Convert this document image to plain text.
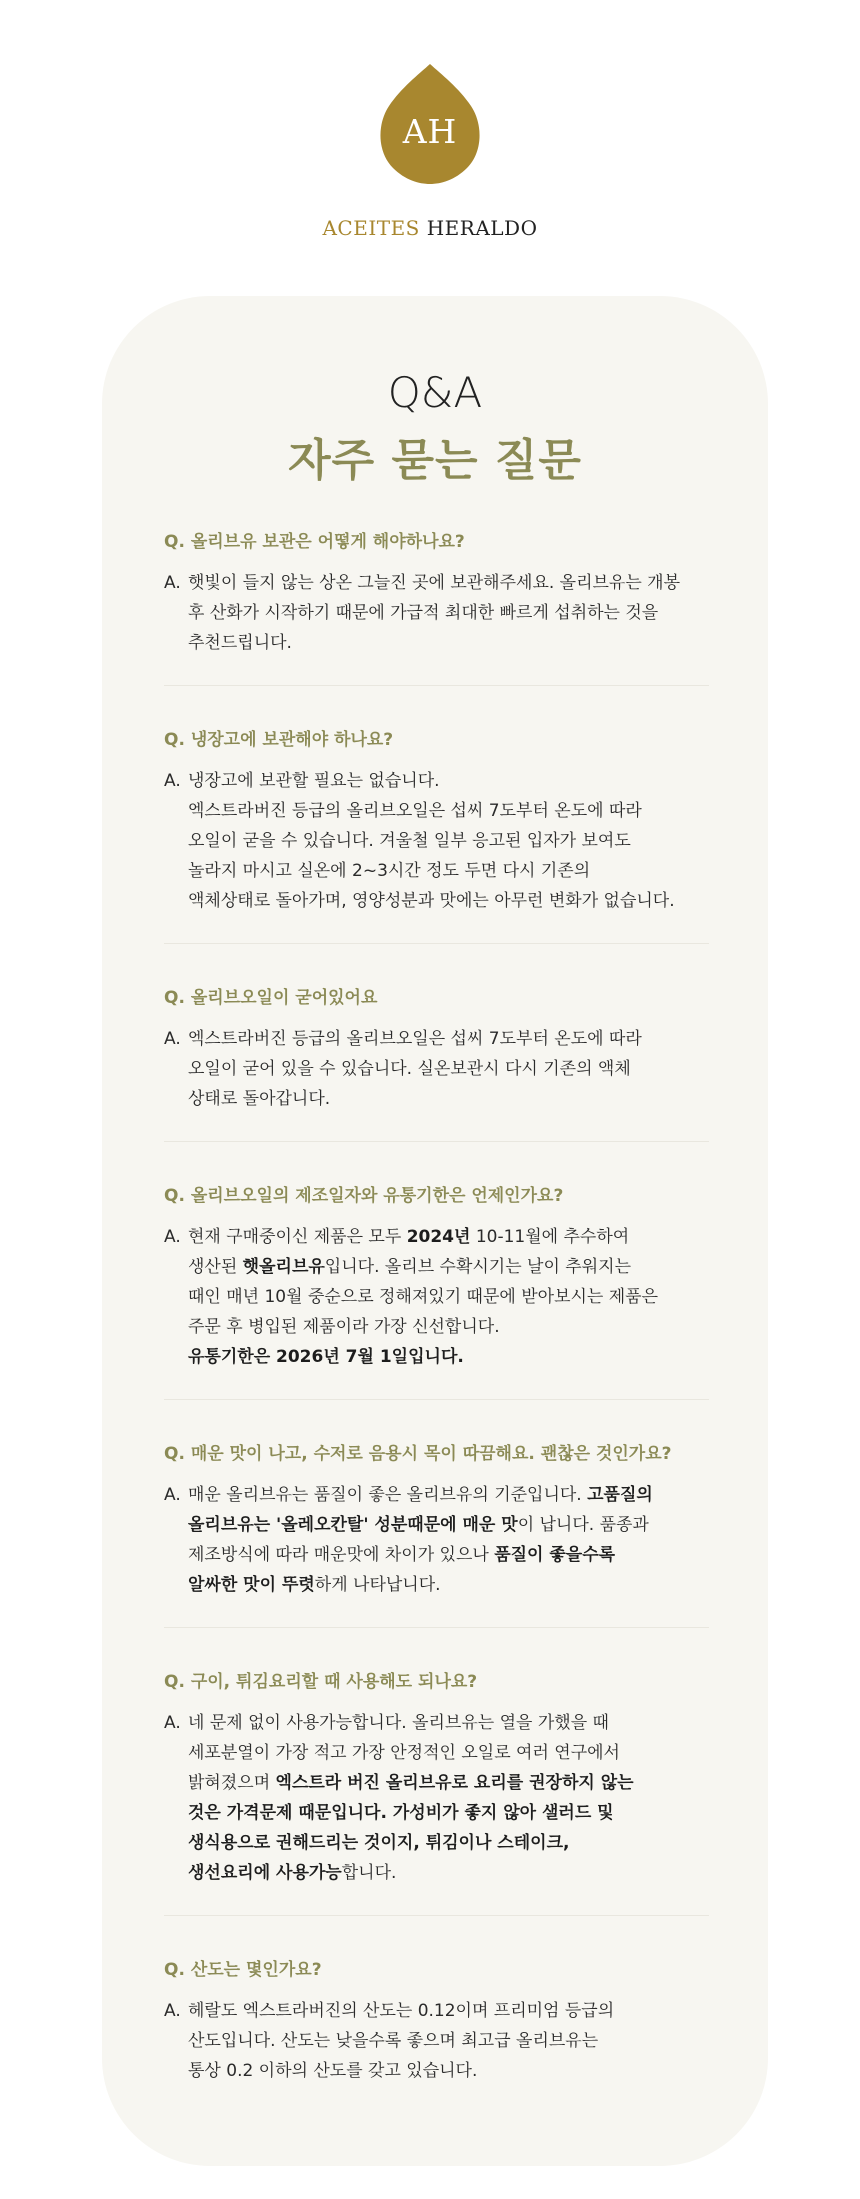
AH
ACEITES HERALDO
Q&A
자주 묻는 질문

Q. 올리브유 보관은 어떻게 해야하나요?

A. 햇빛이 들지 않는 상온 그늘진 곳에 보관해주세요. 올리브유는 개봉
후 산화가 시작하기 때문에 가급적 최대한 빠르게 섭취하는 것을
추천드립니다.

Q. 냉장고에 보관해야 하나요?

A. 냉장고에 보관할 필요는 없습니다.
엑스트라버진 등급의 올리브오일은 섭씨 7도부터 온도에 따라
오일이 굳을 수 있습니다. 겨울철 일부 응고된 입자가 보여도
놀라지 마시고 실온에 2~3시간 정도 두면 다시 기존의
액체상태로 돌아가며, 영양성분과 맛에는 아무런 변화가 없습니다.

Q. 올리브오일이 굳어있어요

A. 엑스트라버진 등급의 올리브오일은 섭씨 7도부터 온도에 따라
오일이 굳어 있을 수 있습니다. 실온보관시 다시 기존의 액체
상태로 돌아갑니다.

Q. 올리브오일의 제조일자와 유통기한은 언제인가요?

A. 현재 구매중이신 제품은 모두 2024년 10-11월에 추수하여
생산된 햇올리브유입니다. 올리브 수확시기는 날이 추워지는
때인 매년 10월 중순으로 정해져있기 때문에 받아보시는 제품은
주문 후 병입된 제품이라 가장 신선합니다.
유통기한은 2026년 7월 1일입니다.

Q. 매운 맛이 나고, 수저로 음용시 목이 따끔해요. 괜찮은 것인가요?

A. 매운 올리브유는 품질이 좋은 올리브유의 기준입니다. 고품질의
올리브유는 '올레오칸탈' 성분때문에 매운 맛이 납니다. 품종과
제조방식에 따라 매운맛에 차이가 있으나 품질이 좋을수록
알싸한 맛이 뚜렷하게 나타납니다.

Q. 구이, 튀김요리할 때 사용해도 되나요?

A. 네 문제 없이 사용가능합니다. 올리브유는 열을 가했을 때
세포분열이 가장 적고 가장 안정적인 오일로 여러 연구에서
밝혀졌으며 엑스트라 버진 올리브유로 요리를 권장하지 않는
것은 가격문제 때문입니다. 가성비가 좋지 않아 샐러드 및
생식용으로 권해드리는 것이지, 튀김이나 스테이크,
생선요리에 사용가능합니다.

Q. 산도는 몇인가요?

A. 헤랄도 엑스트라버진의 산도는 0.12이며 프리미엄 등급의
산도입니다. 산도는 낮을수록 좋으며 최고급 올리브유는
통상 0.2 이하의 산도를 갖고 있습니다.
